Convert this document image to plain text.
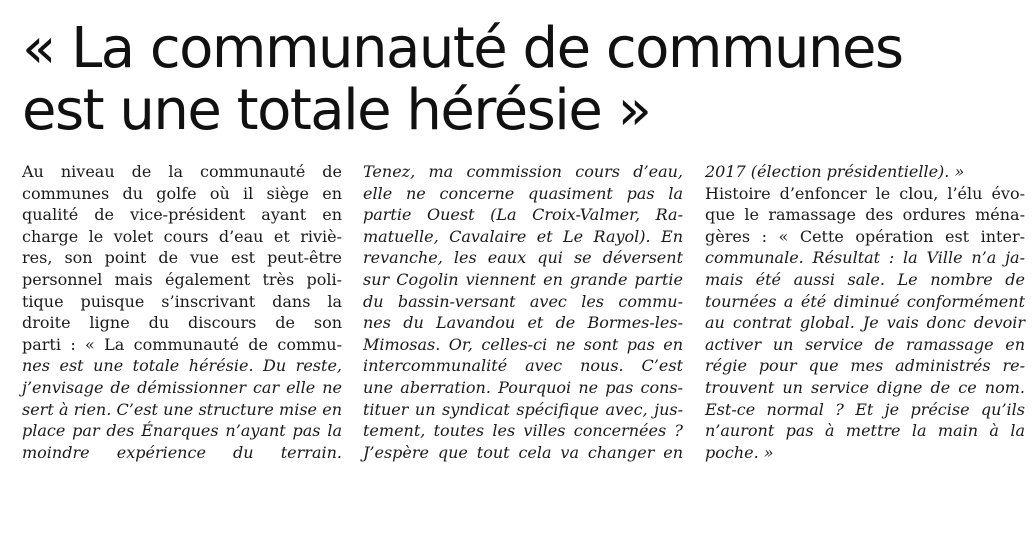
« La communauté de communes
est une totale hérésie »
Au niveau de la communauté de
communes du golfe où il siège en
qualité de vice-président ayant en
charge le volet cours d’eau et riviè-
res, son point de vue est peut-être
personnel mais également très poli-
tique puisque s’inscrivant dans la
droite ligne du discours de son
parti : « La communauté de commu-
nes est une totale hérésie. Du reste,
j’envisage de démissionner car elle ne
sert à rien. C’est une structure mise en
place par des Énarques n’ayant pas la
moindre expérience du terrain.
Tenez, ma commission cours d’eau,
elle ne concerne quasiment pas la
partie Ouest (La Croix-Valmer, Ra-
matuelle, Cavalaire et Le Rayol). En
revanche, les eaux qui se déversent
sur Cogolin viennent en grande partie
du bassin-versant avec les commu-
nes du Lavandou et de Bormes-les-
Mimosas. Or, celles-ci ne sont pas en
intercommunalité avec nous. C’est
une aberration. Pourquoi ne pas cons-
tituer un syndicat spécifique avec, jus-
tement, toutes les villes concernées ?
J’espère que tout cela va changer en
2017 (élection présidentielle). »
Histoire d’enfoncer le clou, l’élu évo-
que le ramassage des ordures ména-
gères : « Cette opération est inter-
communale. Résultat : la Ville n’a ja-
mais été aussi sale. Le nombre de
tournées a été diminué conformément
au contrat global. Je vais donc devoir
activer un service de ramassage en
régie pour que mes administrés re-
trouvent un service digne de ce nom.
Est-ce normal ? Et je précise qu’ils
n’auront pas à mettre la main à la
poche. »
